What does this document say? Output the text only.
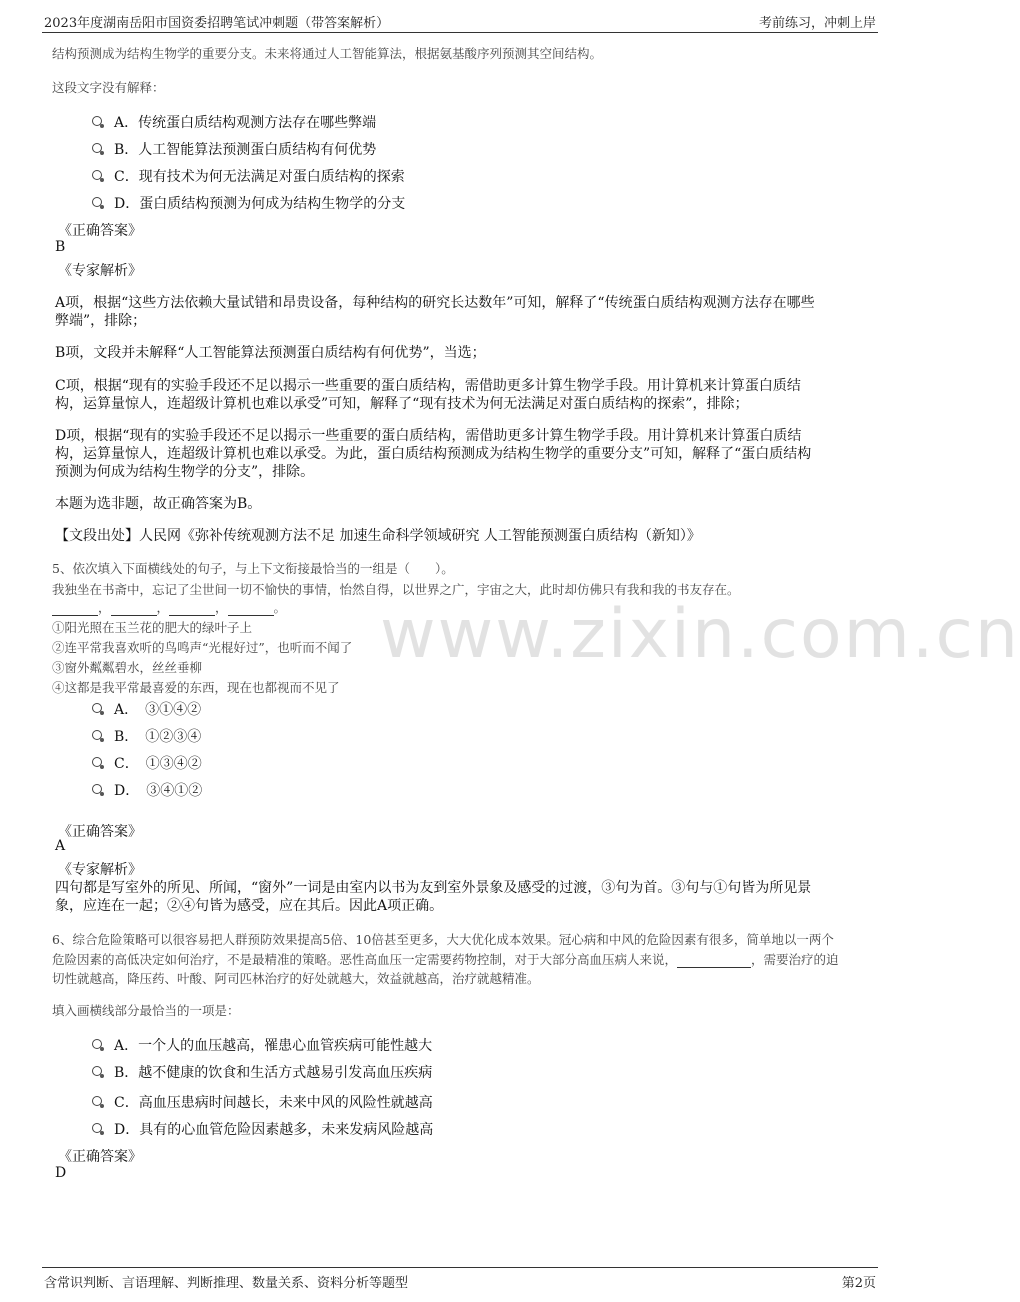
2023年度湖南岳阳市国资委招聘笔试冲刺题（带答案解析）	考前练习，冲刺上岸
www.zixin.com.cn
结构预测成为结构生物学的重要分支。未来将通过人工智能算法，根据氨基酸序列预测其空间结构。
这段文字没有解释：
A．传统蛋白质结构观测方法存在哪些弊端
B．人工智能算法预测蛋白质结构有何优势
C．现有技术为何无法满足对蛋白质结构的探索
D．蛋白质结构预测为何成为结构生物学的分支
《正确答案》
B
《专家解析》
A项，根据“这些方法依赖大量试错和昂贵设备，每种结构的研究长达数年”可知，解释了“传统蛋白质结构观测方法存在哪些
弊端”，排除；
B项，文段并未解释“人工智能算法预测蛋白质结构有何优势”，当选；
C项，根据“现有的实验手段还不足以揭示一些重要的蛋白质结构，需借助更多计算生物学手段。用计算机来计算蛋白质结
构，运算量惊人，连超级计算机也难以承受”可知，解释了“现有技术为何无法满足对蛋白质结构的探索”，排除；
D项，根据“现有的实验手段还不足以揭示一些重要的蛋白质结构，需借助更多计算生物学手段。用计算机来计算蛋白质结
构，运算量惊人，连超级计算机也难以承受。为此，蛋白质结构预测成为结构生物学的重要分支”可知，解释了“蛋白质结构
预测为何成为结构生物学的分支”，排除。
本题为选非题，故正确答案为B。
【文段出处】人民网《弥补传统观测方法不足 加速生命科学领域研究 人工智能预测蛋白质结构（新知）》
5、依次填入下面横线处的句子，与上下文衔接最恰当的一组是（　　）。
我独坐在书斋中，忘记了尘世间一切不愉快的事情，怡然自得，以世界之广，宇宙之大，此时却仿佛只有我和我的书友存在。
，	，	，	。
①阳光照在玉兰花的肥大的绿叶子上
②连平常我喜欢听的鸟鸣声“光棍好过”，也听而不闻了
③窗外粼粼碧水，丝丝垂柳
④这都是我平常最喜爱的东西，现在也都视而不见了
A．　③①④②
B．　①②③④
C．　①③④②
D．　③④①②
《正确答案》
A
《专家解析》
四句都是写室外的所见、所闻，“窗外”一词是由室内以书为友到室外景象及感受的过渡，③句为首。③句与①句皆为所见景
象，应连在一起；②④句皆为感受，应在其后。因此A项正确。
6、综合危险策略可以很容易把人群预防效果提高5倍、10倍甚至更多，大大优化成本效果。冠心病和中风的危险因素有很多，简单地以一两个
危险因素的高低决定如何治疗，不是最精准的策略。恶性高血压一定需要药物控制，对于大部分高血压病人来说，	，需要治疗的迫
切性就越高，降压药、叶酸、阿司匹林治疗的好处就越大，效益就越高，治疗就越精准。
填入画横线部分最恰当的一项是：
A．一个人的血压越高，罹患心血管疾病可能性越大
B．越不健康的饮食和生活方式越易引发高血压疾病
C．高血压患病时间越长，未来中风的风险性就越高
D．具有的心血管危险因素越多，未来发病风险越高
《正确答案》
D
含常识判断、言语理解、判断推理、数量关系、资料分析等题型	第2页
